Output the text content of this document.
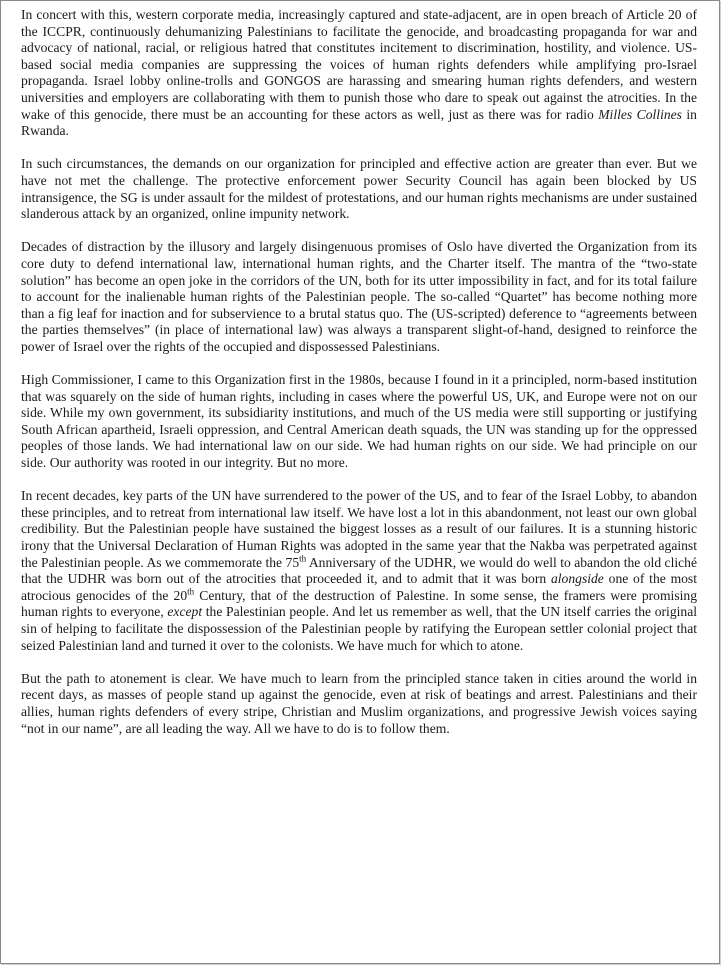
In concert with this, western corporate media, increasingly captured and state-adjacent, are in open breach of Article 20 of the ICCPR, continuously dehumanizing Palestinians to facilitate the genocide, and broadcasting propaganda for war and advocacy of national, racial, or religious hatred that constitutes incitement to discrimination, hostility, and violence. US-based social media companies are suppressing the voices of human rights defenders while amplifying pro-Israel propaganda. Israel lobby online-trolls and GONGOS are harassing and smearing human rights defenders, and western universities and employers are collaborating with them to punish those who dare to speak out against the atrocities. In the wake of this genocide, there must be an accounting for these actors as well, just as there was for radio Milles Collines in Rwanda.

In such circumstances, the demands on our organization for principled and effective action are greater than ever. But we have not met the challenge. The protective enforcement power Security Council has again been blocked by US intransigence, the SG is under assault for the mildest of protestations, and our human rights mechanisms are under sustained slanderous attack by an organized, online impunity network.

Decades of distraction by the illusory and largely disingenuous promises of Oslo have diverted the Organization from its core duty to defend international law, international human rights, and the Charter itself. The mantra of the “two-state solution” has become an open joke in the corridors of the UN, both for its utter impossibility in fact, and for its total failure to account for the inalienable human rights of the Palestinian people. The so-called “Quartet” has become nothing more than a fig leaf for inaction and for subservience to a brutal status quo. The (US-scripted) deference to “agreements between the parties themselves” (in place of international law) was always a transparent slight-of-hand, designed to reinforce the power of Israel over the rights of the occupied and dispossessed Palestinians.

High Commissioner, I came to this Organization first in the 1980s, because I found in it a principled, norm-based institution that was squarely on the side of human rights, including in cases where the powerful US, UK, and Europe were not on our side. While my own government, its subsidiarity institutions, and much of the US media were still supporting or justifying South African apartheid, Israeli oppression, and Central American death squads, the UN was standing up for the oppressed peoples of those lands. We had international law on our side. We had human rights on our side. We had principle on our side. Our authority was rooted in our integrity. But no more.

In recent decades, key parts of the UN have surrendered to the power of the US, and to fear of the Israel Lobby, to abandon these principles, and to retreat from international law itself. We have lost a lot in this abandonment, not least our own global credibility. But the Palestinian people have sustained the biggest losses as a result of our failures. It is a stunning historic irony that the Universal Declaration of Human Rights was adopted in the same year that the Nakba was perpetrated against the Palestinian people. As we commemorate the 75th Anniversary of the UDHR, we would do well to abandon the old cliché that the UDHR was born out of the atrocities that proceeded it, and to admit that it was born alongside one of the most atrocious genocides of the 20th Century, that of the destruction of Palestine. In some sense, the framers were promising human rights to everyone, except the Palestinian people. And let us remember as well, that the UN itself carries the original sin of helping to facilitate the dispossession of the Palestinian people by ratifying the European settler colonial project that seized Palestinian land and turned it over to the colonists. We have much for which to atone.

But the path to atonement is clear. We have much to learn from the principled stance taken in cities around the world in recent days, as masses of people stand up against the genocide, even at risk of beatings and arrest. Palestinians and their allies, human rights defenders of every stripe, Christian and Muslim organizations, and progressive Jewish voices saying “not in our name”, are all leading the way. All we have to do is to follow them.
